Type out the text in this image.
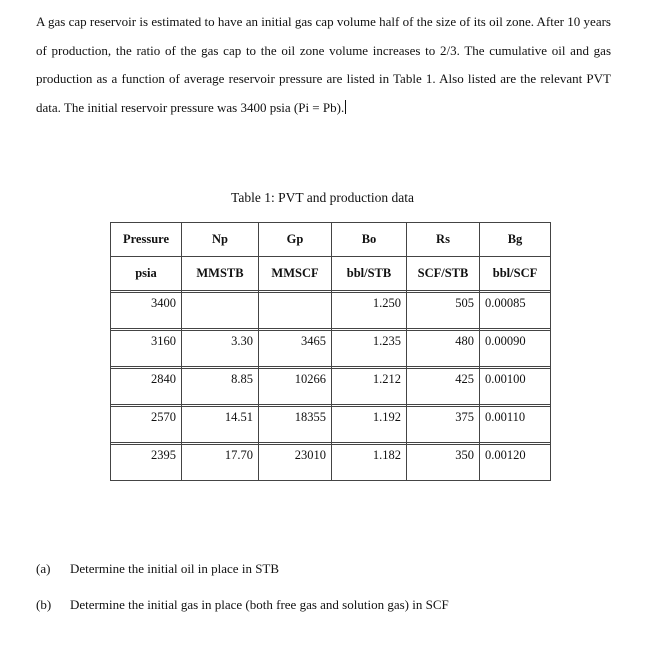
A gas cap reservoir is estimated to have an initial gas cap volume half of the size of its oil zone. After 10 years of production, the ratio of the gas cap to the oil zone volume increases to 2/3. The cumulative oil and gas production as a function of average reservoir pressure are listed in Table 1. Also listed are the relevant PVT data. The initial reservoir pressure was 3400 psia (Pi = Pb).

Table 1: PVT and production data

Pressure	Np	Gp	Bo	Rs	Bg
psia	MMSTB	MMSCF	bbl/STB	SCF/STB	bbl/SCF

3400			1.250	505	0.00085

3160	3.30	3465	1.235	480	0.00090

2840	8.85	10266	1.212	425	0.00100

2570	14.51	18355	1.192	375	0.00110

2395	17.70	23010	1.182	350	0.00120

(a) Determine the initial oil in place in STB

(b) Determine the initial gas in place (both free gas and solution gas) in SCF
